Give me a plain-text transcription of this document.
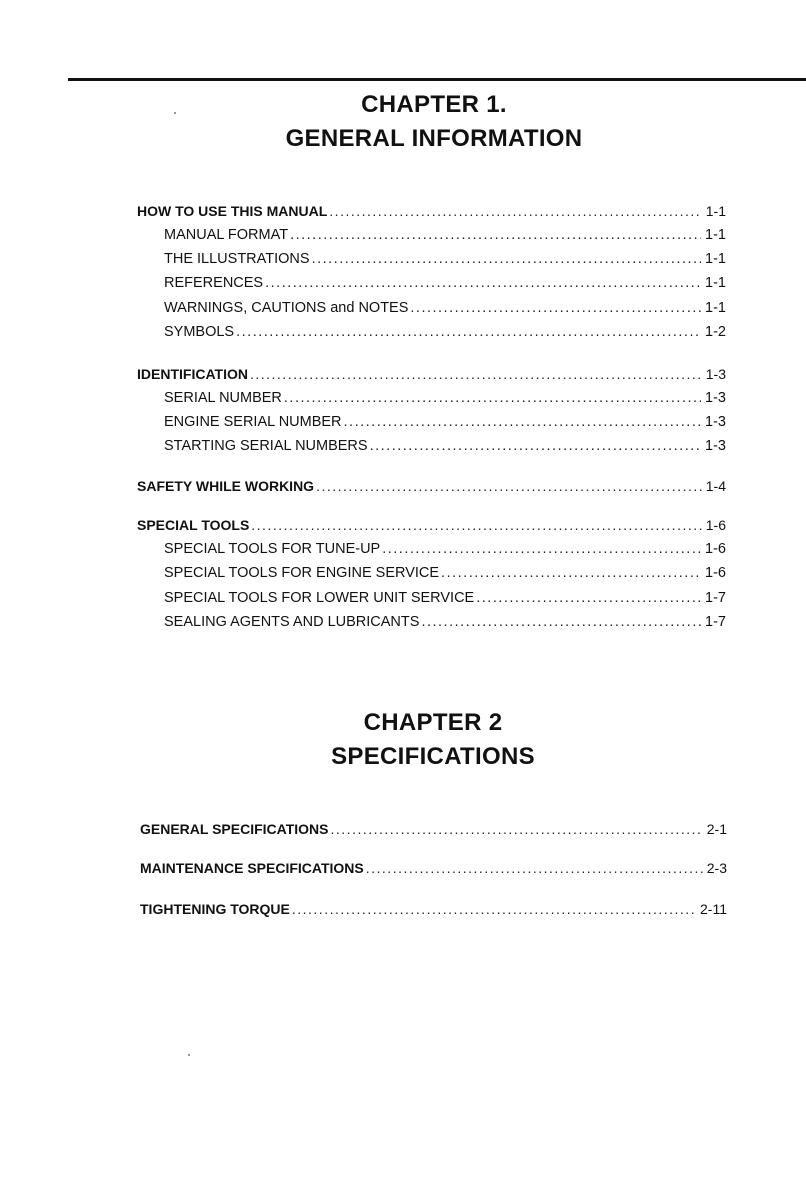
CHAPTER 1.
GENERAL INFORMATION
HOW TO USE THIS MANUAL .....	1-1
MANUAL FORMAT .....	1-1
THE ILLUSTRATIONS .....	1-1
REFERENCES .....	1-1
WARNINGS, CAUTIONS and NOTES .....	1-1
SYMBOLS .....	1-2
IDENTIFICATION .....	1-3
SERIAL NUMBER .....	1-3
ENGINE SERIAL NUMBER .....	1-3
STARTING SERIAL NUMBERS .....	1-3
SAFETY WHILE WORKING .....	1-4
SPECIAL TOOLS .....	1-6
SPECIAL TOOLS FOR TUNE-UP .....	1-6
SPECIAL TOOLS FOR ENGINE SERVICE .....	1-6
SPECIAL TOOLS FOR LOWER UNIT SERVICE .....	1-7
SEALING AGENTS AND LUBRICANTS .....	1-7
CHAPTER 2
SPECIFICATIONS
GENERAL SPECIFICATIONS .....	2-1
MAINTENANCE SPECIFICATIONS .....	2-3
TIGHTENING TORQUE .....	2-11
